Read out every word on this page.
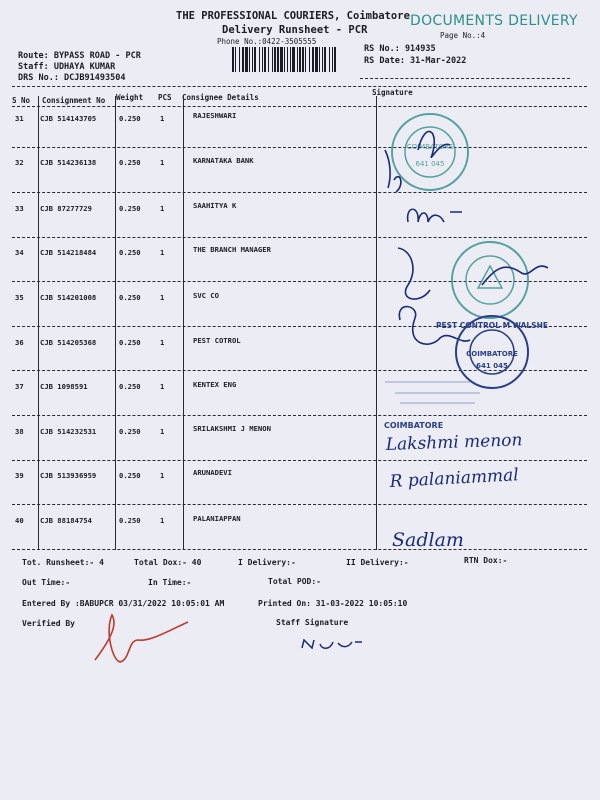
THE PROFESSIONAL COURIERS, Coimbatore
Delivery Runsheet - PCR
Phone No.:0422-3505555
DOCUMENTS DELIVERY
Page No.:4
Route: BYPASS ROAD - PCR
Staff: UDHAYA KUMAR
DRS No.: DCJB91493504
RS No.: 914935
RS Date: 31-Mar-2022
S No Consignment No Weight PCS Consignee Details
Signature
31 CJB 514143705	0.250	1	RAJESHWARI
32 CJB 514236138	0.250	1	KARNATAKA BANK
33 CJB 87277729	0.250	1	SAAHITYA K
34 CJB 514218484	0.250	1	THE BRANCH MANAGER
35 CJB 514201008	0.250	1	SVC CO
36 CJB 514205368	0.250	1	PEST COTROL
37 CJB 1098591	0.250	1	KENTEX ENG
38 CJB 514232531	0.250	1	SRILAKSHMI J MENON
39 CJB 513936959	0.250	1	ARUNADEVI
40 CJB 88184754	0.250	1	PALANIAPPAN
COIMBATORE
641 045
PEST CONTROL M WALSHE
COIMBATORE
641 045
COIMBATORE
Lakshmi menon
R palaniammal
Sadlam
Tot. Runsheet:- 4	Total Dox:- 40	I Delivery:-	II Delivery:-	RTN Dox:-
Out Time:-	In Time:-	Total POD:-
Entered By :BABUPCR 03/31/2022 10:05:01 AM	Printed On: 31-03-2022 10:05:10
Verified By	Staff Signature
